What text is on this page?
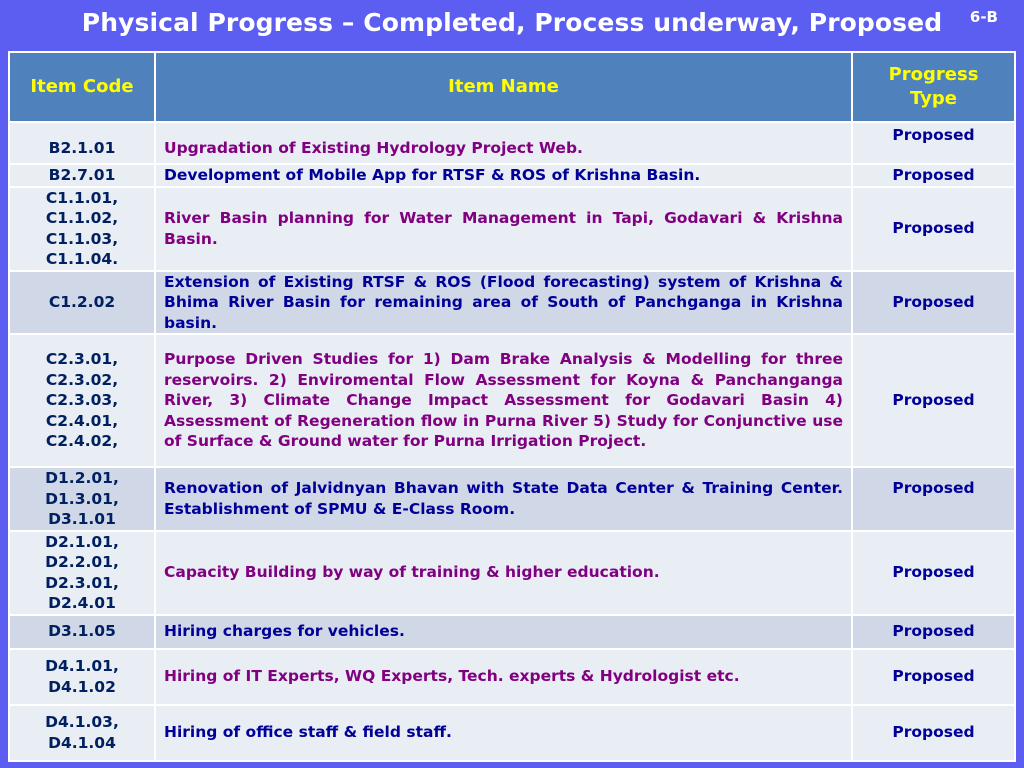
Physical Progress – Completed, Process underway, Proposed	6-B
Item Code	Item Name	Progress
Type
B2.1.01	Upgradation of Existing Hydrology Project Web.	Proposed
B2.7.01	Development of Mobile App for RTSF & ROS of Krishna Basin.	Proposed
C1.1.01, C1.1.02, C1.1.03, C1.1.04.	River Basin planning for Water Management in Tapi, Godavari & Krishna Basin.	Proposed
C1.2.02	Extension of Existing RTSF & ROS (Flood forecasting) system of Krishna & Bhima River Basin for remaining area of South of Panchganga in Krishna basin.	Proposed
C2.3.01, C2.3.02, C2.3.03, C2.4.01, C2.4.02,	Purpose Driven Studies for 1) Dam Brake Analysis & Modelling for three reservoirs. 2) Enviromental Flow Assessment for Koyna & Panchanganga River, 3) Climate Change Impact Assessment for Godavari Basin 4) Assessment of Regeneration flow in Purna River 5) Study for Conjunctive use of Surface & Ground water for Purna Irrigation Project.	Proposed
D1.2.01, D1.3.01, D3.1.01	Renovation of Jalvidnyan Bhavan with State Data Center & Training Center. Establishment of SPMU & E-Class Room.	Proposed
D2.1.01, D2.2.01, D2.3.01, D2.4.01	Capacity Building by way of training & higher education.	Proposed
D3.1.05	Hiring charges for vehicles.	Proposed
D4.1.01, D4.1.02	Hiring of IT Experts, WQ Experts, Tech. experts & Hydrologist etc.	Proposed
D4.1.03, D4.1.04	Hiring of office staff & field staff.	Proposed
